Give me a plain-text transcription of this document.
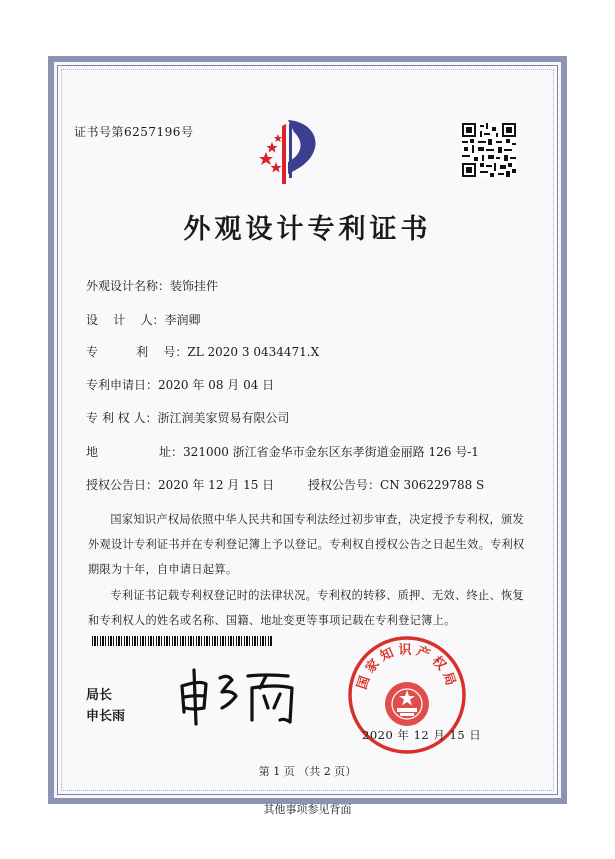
证书号第6257196号
外观设计专利证书
外观设计名称：装饰挂件
设    计    人：李润卿
专          利    号：ZL 2020 3 0434471.X
专利申请日：2020 年 08 月 04 日
专 利 权 人：浙江润美家贸易有限公司
地                址：321000 浙江省金华市金东区东孝街道金丽路 126 号-1
授权公告日：2020 年 12 月 15 日	授权公告号：CN 306229788 S
国家知识产权局依照中华人民共和国专利法经过初步审查，决定授予专利权，颁发外观设计专利证书并在专利登记簿上予以登记。专利权自授权公告之日起生效。专利权期限为十年，自申请日起算。
专利证书记载专利权登记时的法律状况。专利权的转移、质押、无效、终止、恢复和专利权人的姓名或名称、国籍、地址变更等事项记载在专利登记簿上。
局长
申长雨
国家知识产权局
2020 年 12 月 15 日
第 1 页 （共 2 页）
其他事项参见背面
